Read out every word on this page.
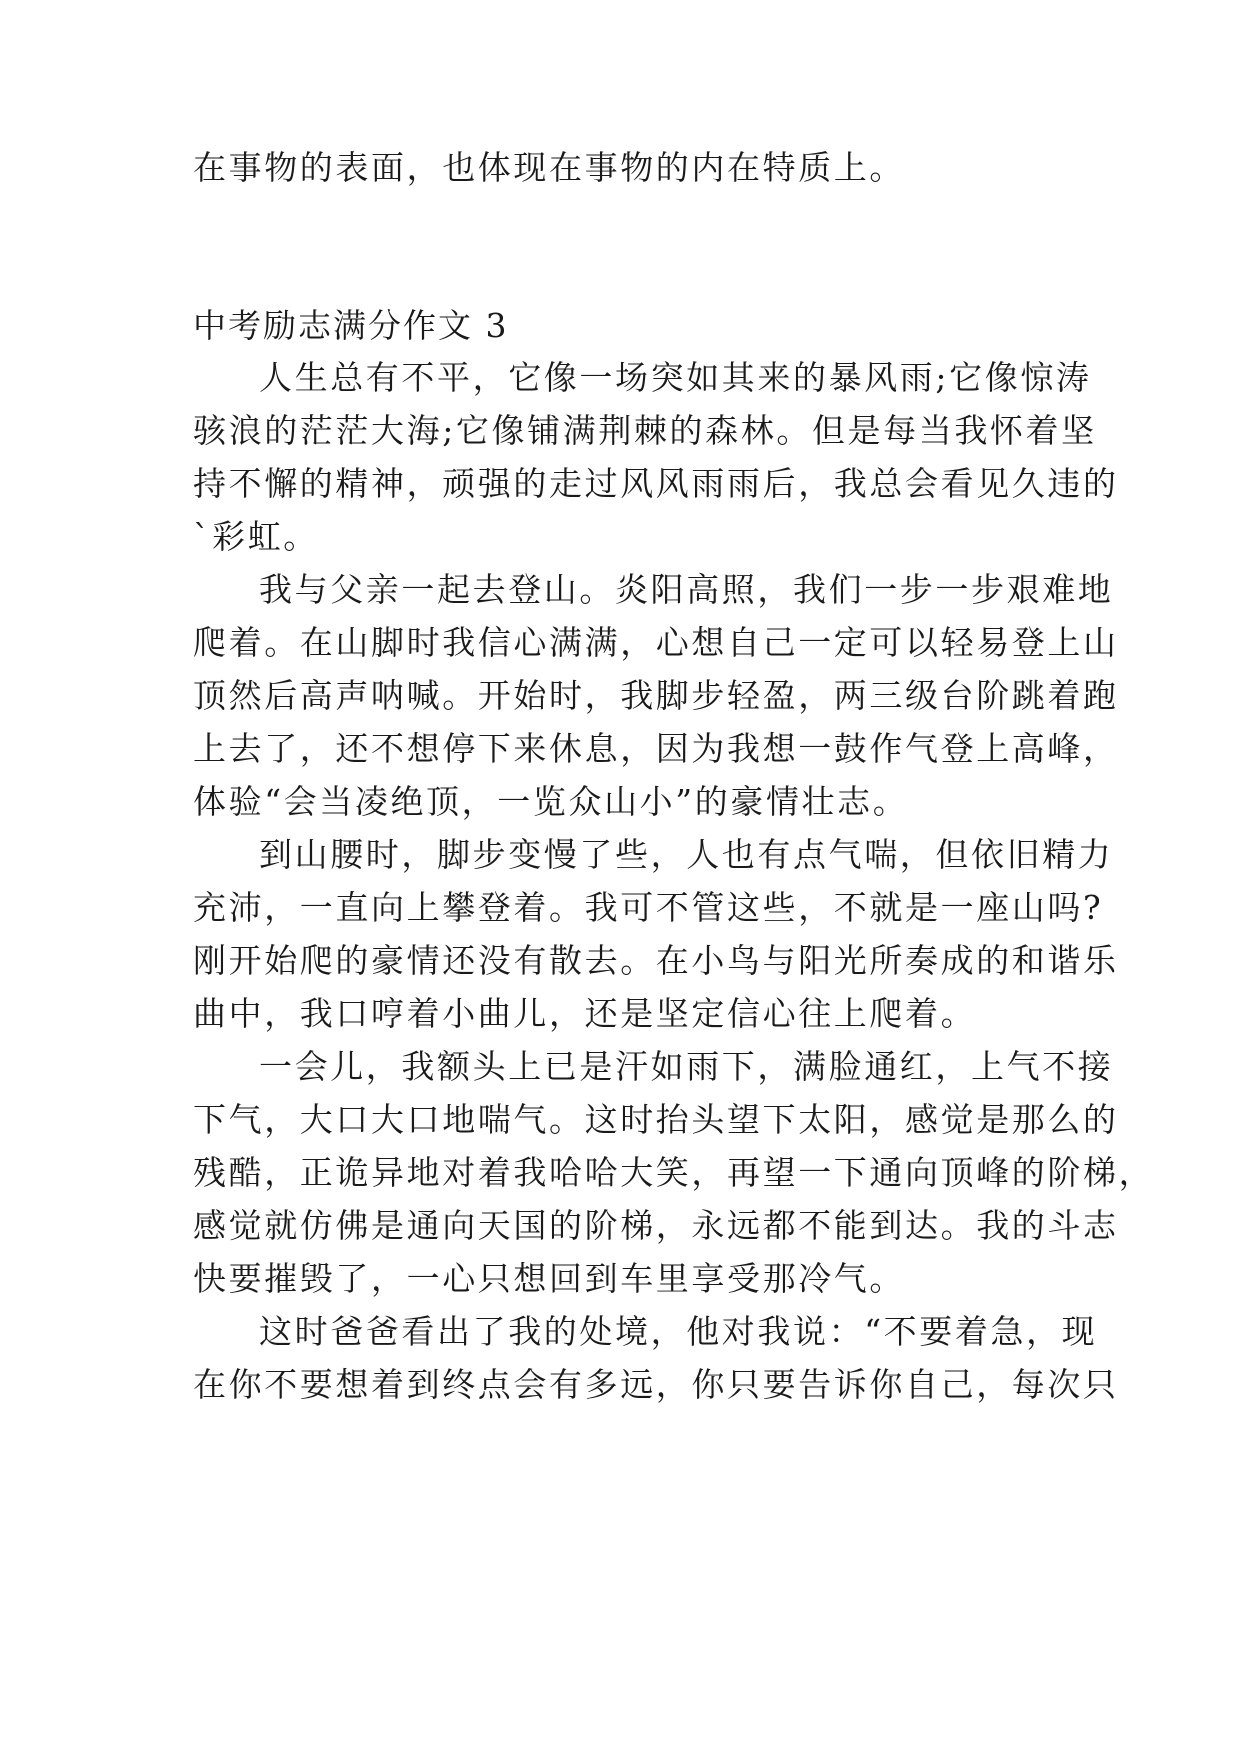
在事物的表面，也体现在事物的内在特质上。
中考励志满分作文 3
人生总有不平，它像一场突如其来的暴风雨;它像惊涛
骇浪的茫茫大海;它像铺满荆棘的森林。但是每当我怀着坚
持不懈的精神，顽强的走过风风雨雨后，我总会看见久违的
`彩虹。
我与父亲一起去登山。炎阳高照，我们一步一步艰难地
爬着。在山脚时我信心满满，心想自己一定可以轻易登上山
顶然后高声呐喊。开始时，我脚步轻盈，两三级台阶跳着跑
上去了，还不想停下来休息，因为我想一鼓作气登上高峰，
体验“会当凌绝顶，一览众山小”的豪情壮志。
到山腰时，脚步变慢了些，人也有点气喘，但依旧精力
充沛，一直向上攀登着。我可不管这些，不就是一座山吗?
刚开始爬的豪情还没有散去。在小鸟与阳光所奏成的和谐乐
曲中，我口哼着小曲儿，还是坚定信心往上爬着。
一会儿，我额头上已是汗如雨下，满脸通红，上气不接
下气，大口大口地喘气。这时抬头望下太阳，感觉是那么的
残酷，正诡异地对着我哈哈大笑，再望一下通向顶峰的阶梯，
感觉就仿佛是通向天国的阶梯，永远都不能到达。我的斗志
快要摧毁了，一心只想回到车里享受那冷气。
这时爸爸看出了我的处境，他对我说：“不要着急，现
在你不要想着到终点会有多远，你只要告诉你自己，每次只
